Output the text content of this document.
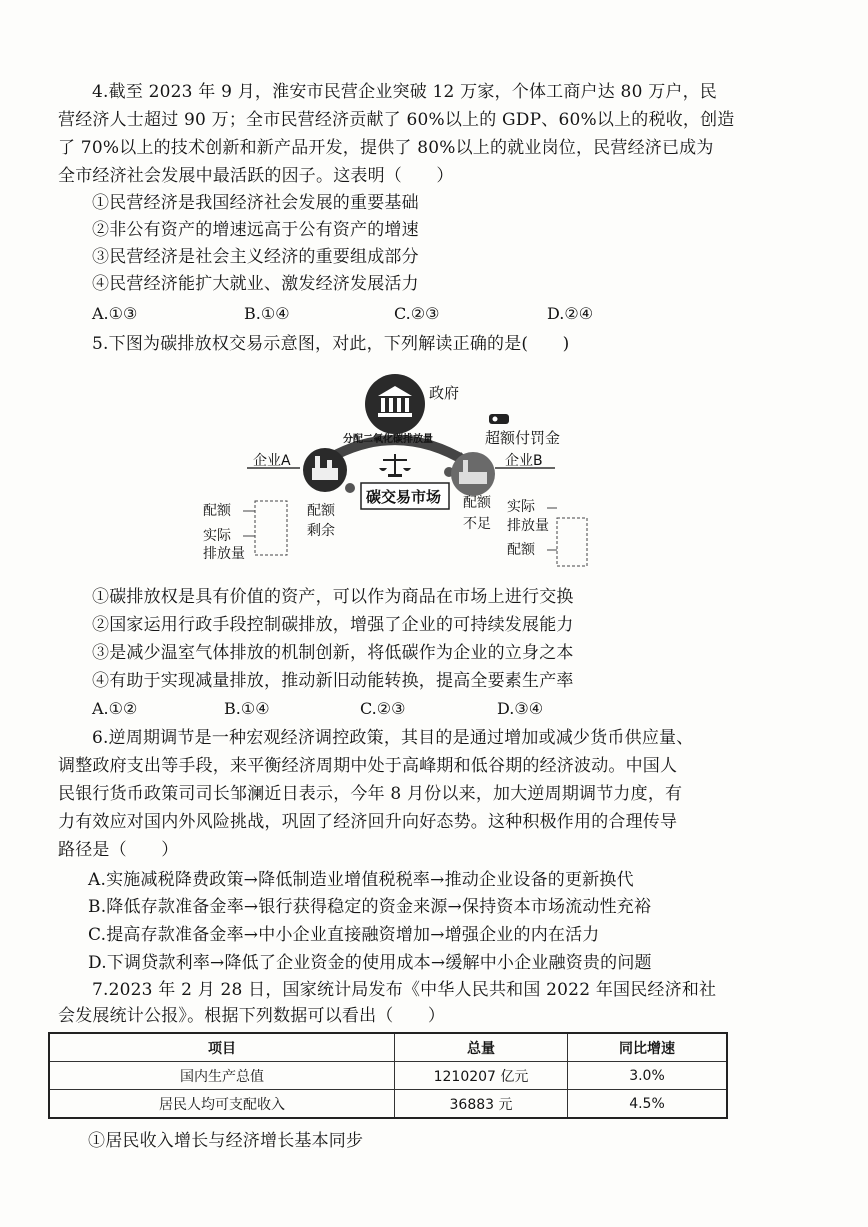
4.截至 2023 年 9 月，淮安市民营企业突破 12 万家，个体工商户达 80 万户，民
营经济人士超过 90 万；全市民营经济贡献了 60%以上的 GDP、60%以上的税收，创造
了 70%以上的技术创新和新产品开发，提供了 80%以上的就业岗位，民营经济已成为
全市经济社会发展中最活跃的因子。这表明（　　）
①民营经济是我国经济社会发展的重要基础
②非公有资产的增速远高于公有资产的增速
③民营经济是社会主义经济的重要组成部分
④民营经济能扩大就业、激发经济发展活力
A.①③	B.①④	C.②③	D.②④
5.下图为碳排放权交易示意图，对此，下列解读正确的是(　　)
政府
分配二氧化碳排放量	超额付罚金
企业A
碳交易市场
企业B
配额
实际
排放量
配额
剩余
配额
不足
实际
排放量
配额
①碳排放权是具有价值的资产，可以作为商品在市场上进行交换
②国家运用行政手段控制碳排放，增强了企业的可持续发展能力
③是减少温室气体排放的机制创新，将低碳作为企业的立身之本
④有助于实现减量排放，推动新旧动能转换，提高全要素生产率
A.①②	B.①④	C.②③	D.③④
6.逆周期调节是一种宏观经济调控政策，其目的是通过增加或减少货币供应量、
调整政府支出等手段，来平衡经济周期中处于高峰期和低谷期的经济波动。中国人
民银行货币政策司司长邹澜近日表示，今年 8 月份以来，加大逆周期调节力度，有
力有效应对国内外风险挑战，巩固了经济回升向好态势。这种积极作用的合理传导
路径是（　　）
A.实施减税降费政策→降低制造业增值税税率→推动企业设备的更新换代
B.降低存款准备金率→银行获得稳定的资金来源→保持资本市场流动性充裕
C.提高存款准备金率→中小企业直接融资增加→增强企业的内在活力
D.下调贷款利率→降低了企业资金的使用成本→缓解中小企业融资贵的问题
7.2023 年 2 月 28 日，国家统计局发布《中华人民共和国 2022 年国民经济和社
会发展统计公报》。根据下列数据可以看出（　　）
项目	总量	同比增速
国内生产总值	1210207 亿元	3.0%
居民人均可支配收入	36883 元	4.5%
①居民收入增长与经济增长基本同步
